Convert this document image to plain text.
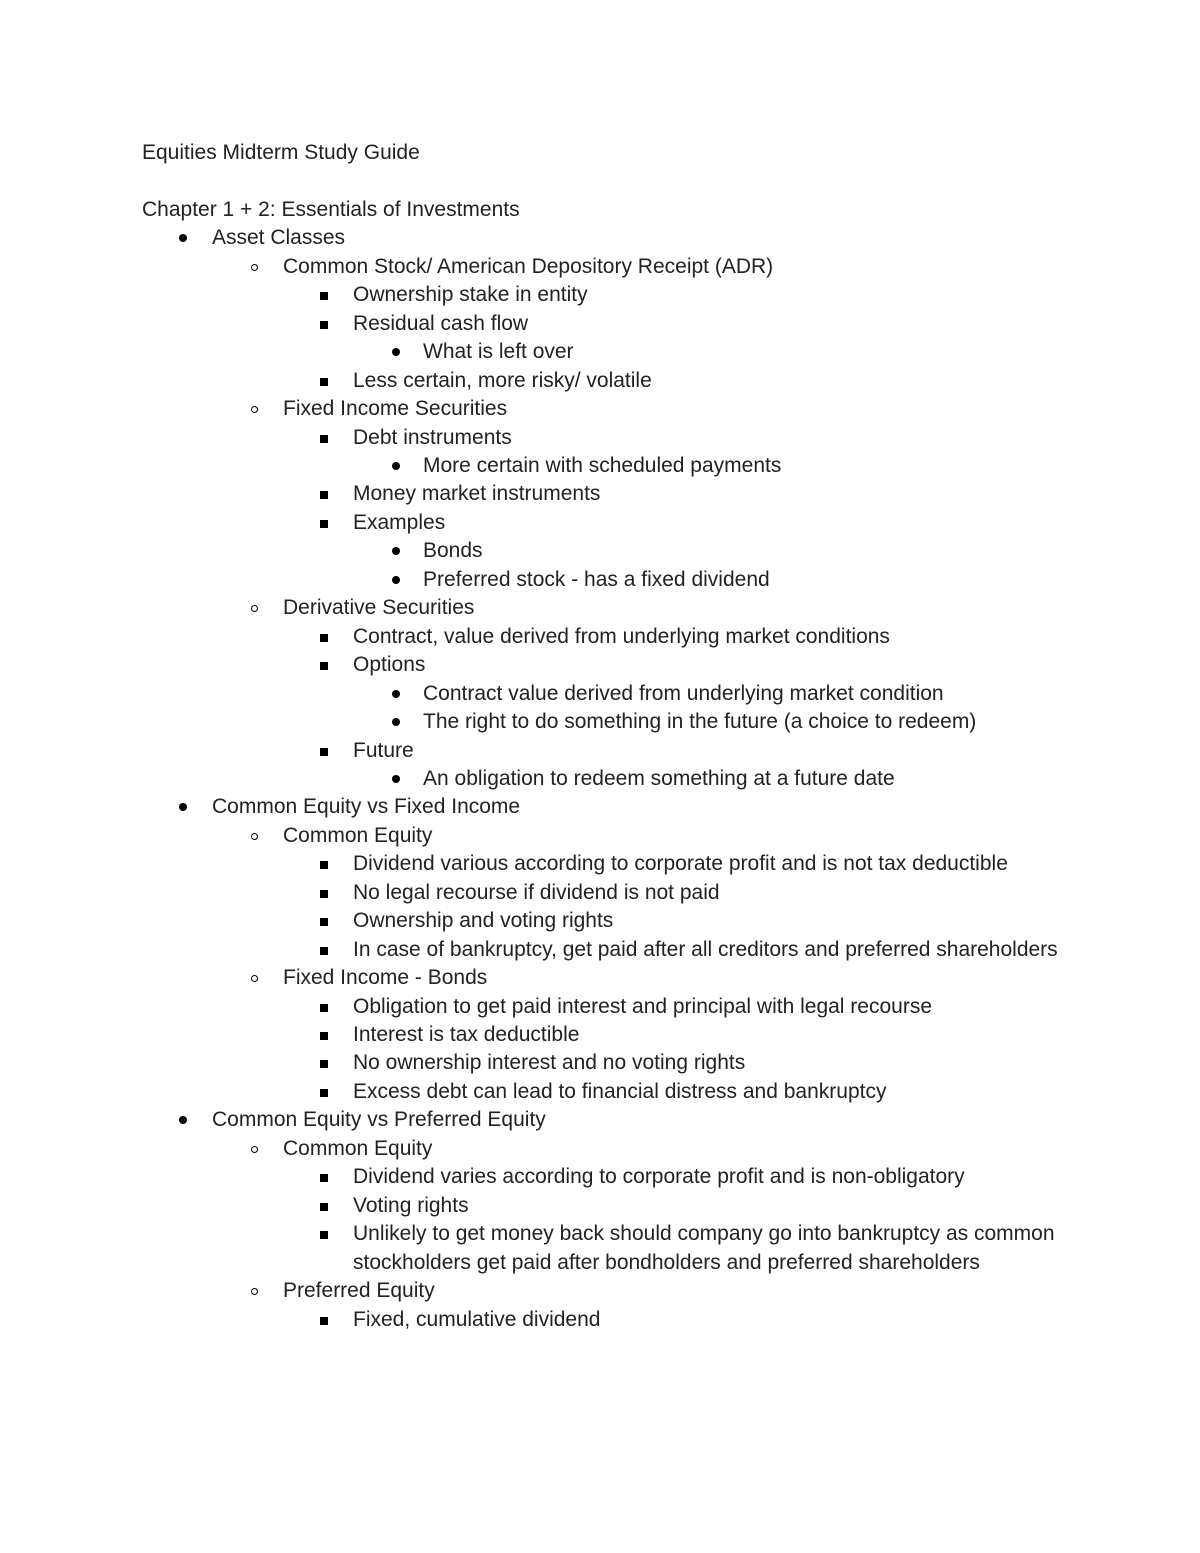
Equities Midterm Study Guide
Chapter 1 + 2: Essentials of Investments
Asset Classes
Common Stock/ American Depository Receipt (ADR)
Ownership stake in entity
Residual cash flow
What is left over
Less certain, more risky/ volatile
Fixed Income Securities
Debt instruments
More certain with scheduled payments
Money market instruments
Examples
Bonds
Preferred stock - has a fixed dividend
Derivative Securities
Contract, value derived from underlying market conditions
Options
Contract value derived from underlying market condition
The right to do something in the future (a choice to redeem)
Future
An obligation to redeem something at a future date
Common Equity vs Fixed Income
Common Equity
Dividend various according to corporate profit and is not tax deductible
No legal recourse if dividend is not paid
Ownership and voting rights
In case of bankruptcy, get paid after all creditors and preferred shareholders
Fixed Income - Bonds
Obligation to get paid interest and principal with legal recourse
Interest is tax deductible
No ownership interest and no voting rights
Excess debt can lead to financial distress and bankruptcy
Common Equity vs Preferred Equity
Common Equity
Dividend varies according to corporate profit and is non-obligatory
Voting rights
Unlikely to get money back should company go into bankruptcy as common stockholders get paid after bondholders and preferred shareholders
Preferred Equity
Fixed, cumulative dividend
